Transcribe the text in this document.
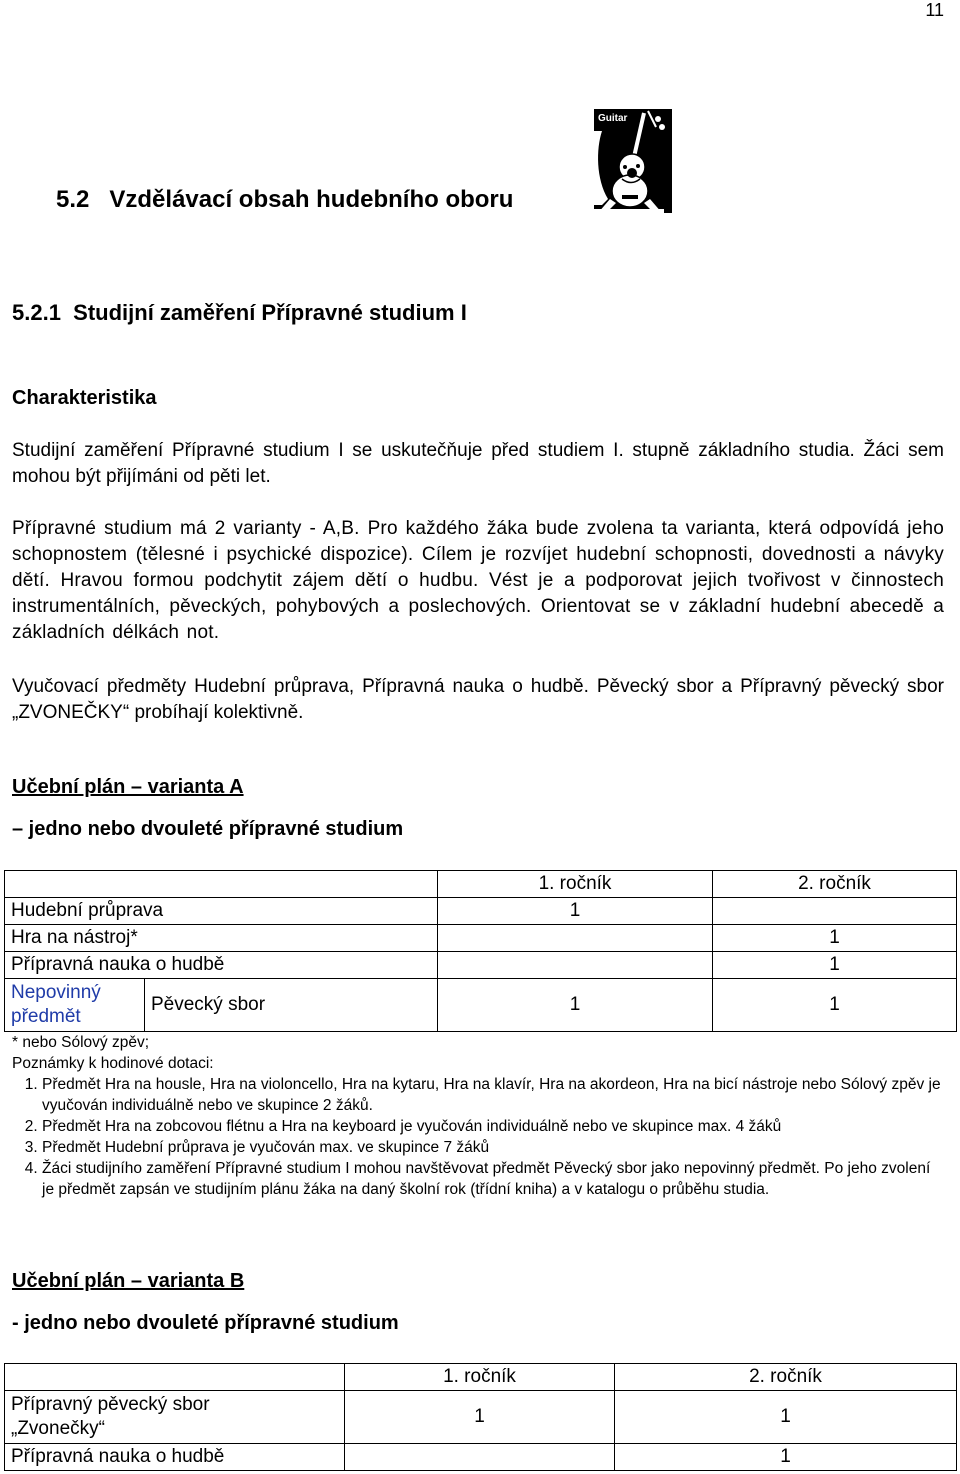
11
Guitar
5.2 Vzdělávací obsah hudebního oboru
5.2.1 Studijní zaměření Přípravné studium I
Charakteristika
Studijní zaměření Přípravné studium I se uskutečňuje před studiem I. stupně základního studia. Žáci sem mohou být přijímáni od pěti let.
Přípravné studium má 2 varianty - A,B. Pro každého žáka bude zvolena ta varianta, která odpovídá jeho schopnostem (tělesné i psychické dispozice). Cílem je rozvíjet hudební schopnosti, dovednosti a návyky dětí. Hravou formou podchytit zájem dětí o hudbu. Vést je a podporovat jejich tvořivost v činnostech instrumentálních, pěveckých, pohybových a poslechových. Orientovat se v základní hudební abecedě a základních délkách not.
Vyučovací předměty Hudební průprava, Přípravná nauka o hudbě. Pěvecký sbor a Přípravný pěvecký sbor „ZVONEČKY“ probíhají kolektivně.
Učební plán – varianta A
– jedno nebo dvouleté přípravné studium
		1. ročník	2. ročník
Hudební průprava		1	
Hra na nástroj*			1
Přípravná nauka o hudbě			1
Nepovinný předmět	Pěvecký sbor	1	1
* nebo Sólový zpěv;
Poznámky k hodinové dotaci:
1. Předmět Hra na housle, Hra na violoncello, Hra na kytaru, Hra na klavír, Hra na akordeon, Hra na bicí nástroje nebo Sólový zpěv je vyučován individuálně nebo ve skupince 2 žáků.
2. Předmět Hra na zobcovou flétnu a Hra na keyboard je vyučován individuálně nebo ve skupince max. 4 žáků
3. Předmět Hudební průprava je vyučován max. ve skupince 7 žáků
4. Žáci studijního zaměření Přípravné studium I mohou navštěvovat předmět Pěvecký sbor jako nepovinný předmět. Po jeho zvolení je předmět zapsán ve studijním plánu žáka na daný školní rok (třídní kniha) a v katalogu o průběhu studia.
Učební plán – varianta B
- jedno nebo dvouleté přípravné studium
	1. ročník	2. ročník
Přípravný pěvecký sbor „Zvonečky“	1	1
Přípravná nauka o hudbě		1
